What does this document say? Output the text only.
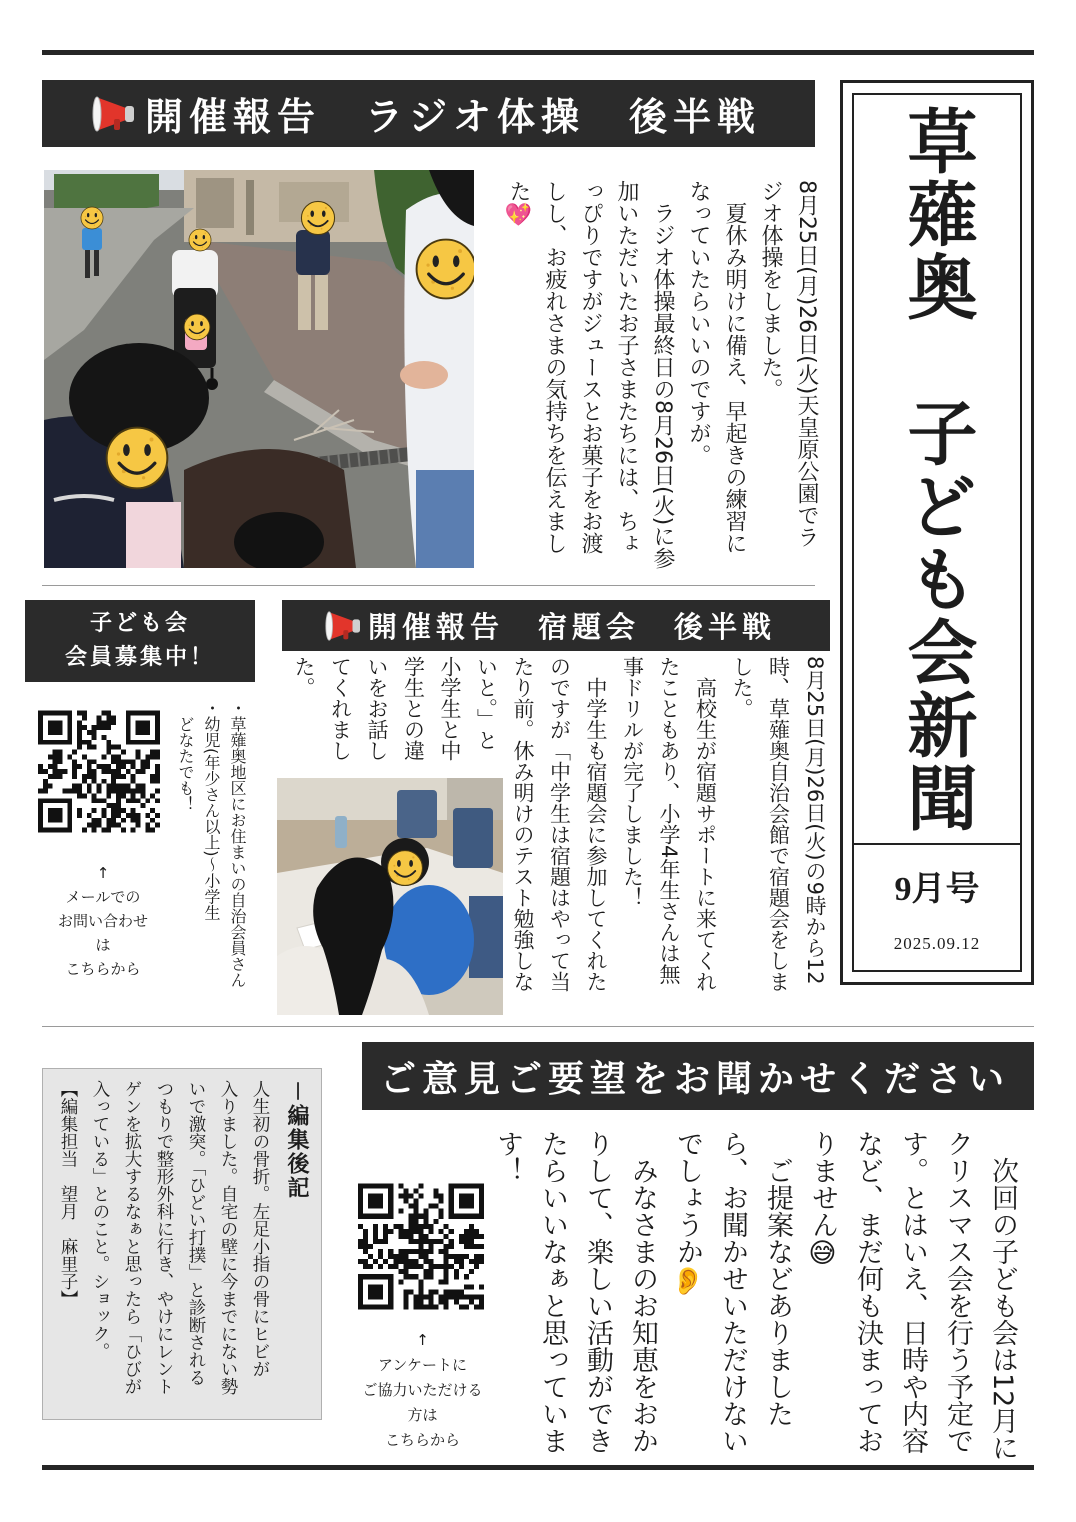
開催報告　ラジオ体操　後半戦
8月25日(月)26日(火)天皇原公園でラ
ジオ体操をしました。
　夏休み明けに備え、早起きの練習に
なっていたらいいのですが。
　ラジオ体操最終日の8月26日(火)に参
加いただいたお子さまたちには、ちょ
っぴりですがジュースとお菓子をお渡
しし、お疲れさまの気持ちを伝えまし
た💖
子ども会
会員募集中！
・草薙奥地区にお住まいの自治会員さん
・幼児(年少さん以上)～小学生
　どなたでも！
↑
メールでの
お問い合わせ
は
こちらから
開催報告　宿題会　後半戦
8月25日(月)26日(火)の9時から12
時、草薙奥自治会館で宿題会をしま
した。
　高校生が宿題サポートに来てくれ
たこともあり、小学4年生さんは無
事ドリルが完了しました！
　中学生も宿題会に参加してくれた
のですが「中学生は宿題はやって当
たり前。休み明けのテスト勉強しな
いと。」と
小学生と中
学生との違
いをお話し
てくれまし
た。
ご意見ご要望をお聞かせください
　次回の子ども会は12月に
クリスマス会を行う予定で
す。とはいえ、日時や内容
など、まだ何も決まってお
りません😅
　ご提案などありました
ら、お聞かせいただけない
でしょうか👂
　みなさまのお知恵をおか
りして、楽しい活動ができ
たらいいなぁと思っていま
す！
↑
アンケートに
ご協力いただける
方は
こちらから
－編集後記
人生初の骨折。左足小指の骨にヒビが
入りました。自宅の壁に今までにない勢
いで激突。「ひどい打撲」と診断される
つもりで整形外科に行き、やけにレント
ゲンを拡大するなぁと思ったら「ひびが
入っている」とのこと。ショック。
【編集担当　望月　麻里子】
草薙奥　子ども会新聞
9月号
2025.09.12
